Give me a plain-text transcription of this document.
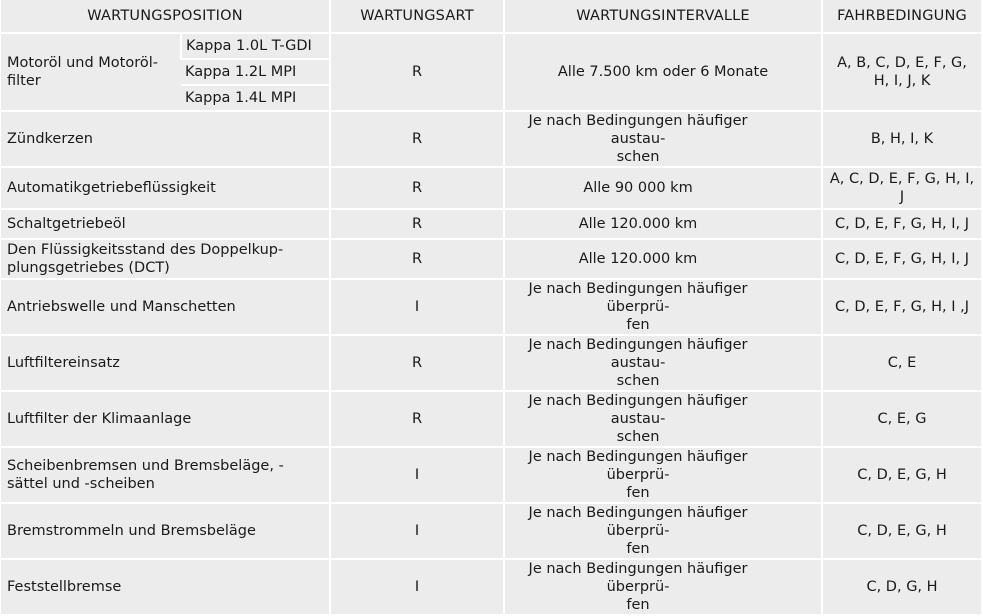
WARTUNGSPOSITION		WARTUNGSART	WARTUNGSINTERVALLE	FAHRBEDINGUNG
Motoröl und Motoröl-
filter	Kappa 1.0L T-GDI	R	Alle 7.500 km oder 6 Monate	A, B, C, D, E, F, G,
H, I, J, K
	Kappa 1.2L MPI			
	Kappa 1.4L MPI			
Zündkerzen		R	Je nach Bedingungen häufiger austau-
schen	B, H, I, K
Automatikgetriebeflüssigkeit		R	Alle 90 000 km	A, C, D, E, F, G, H, I,
J
Schaltgetriebeöl		R	Alle 120.000 km	C, D, E, F, G, H, I, J
Den Flüssigkeitsstand des Doppelkup-
plungsgetriebes (DCT)		R	Alle 120.000 km	C, D, E, F, G, H, I, J
Antriebswelle und Manschetten		I	Je nach Bedingungen häufiger überprü-
fen	C, D, E, F, G, H, I ,J
Luftfiltereinsatz		R	Je nach Bedingungen häufiger austau-
schen	C, E
Luftfilter der Klimaanlage		R	Je nach Bedingungen häufiger austau-
schen	C, E, G
Scheibenbremsen und Bremsbeläge, -
sättel und -scheiben		I	Je nach Bedingungen häufiger überprü-
fen	C, D, E, G, H
Bremstrommeln und Bremsbeläge		I	Je nach Bedingungen häufiger überprü-
fen	C, D, E, G, H
Feststellbremse		I	Je nach Bedingungen häufiger überprü-
fen	C, D, G, H
